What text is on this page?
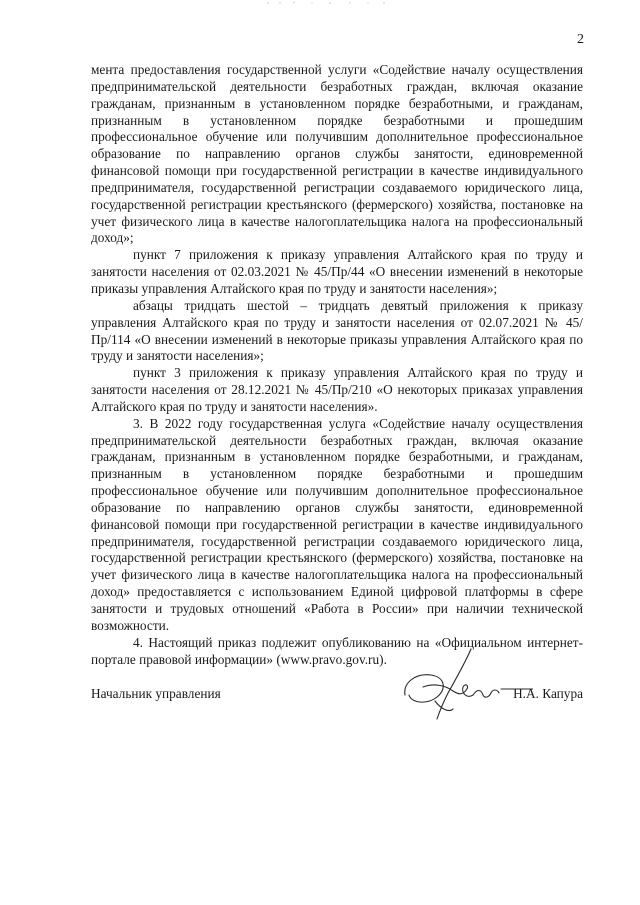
2

мента предоставления государственной услуги «Содействие началу осуществления предпринимательской деятельности безработных граждан, включая оказание гражданам, признанным в установленном порядке безработными, и гражданам, признанным в установленном порядке безработными и прошедшим профессиональное обучение или получившим дополнительное профессиональное образование по направлению органов службы занятости, единовременной финансовой помощи при государственной регистрации в качестве индивидуального предпринимателя, государственной регистрации создаваемого юридического лица, государственной регистрации крестьянского (фермерского) хозяйства, постановке на учет физического лица в качестве налогоплательщика налога на профессиональный доход»;

пункт 7 приложения к приказу управления Алтайского края по труду и занятости населения от 02.03.2021 № 45/Пр/44 «О внесении изменений в некоторые приказы управления Алтайского края по труду и занятости населения»;

абзацы тридцать шестой – тридцать девятый приложения к приказу управления Алтайского края по труду и занятости населения от 02.07.2021 № 45/Пр/114 «О внесении изменений в некоторые приказы управления Алтайского края по труду и занятости населения»;

пункт 3 приложения к приказу управления Алтайского края по труду и занятости населения от 28.12.2021 № 45/Пр/210 «О некоторых приказах управления Алтайского края по труду и занятости населения».

3. В 2022 году государственная услуга «Содействие началу осуществления предпринимательской деятельности безработных граждан, включая оказание гражданам, признанным в установленном порядке безработными, и гражданам, признанным в установленном порядке безработными и прошедшим профессиональное обучение или получившим дополнительное профессиональное образование по направлению органов службы занятости, единовременной финансовой помощи при государственной регистрации в качестве индивидуального предпринимателя, государственной регистрации создаваемого юридического лица, государственной регистрации крестьянского (фермерского) хозяйства, постановке на учет физического лица в качестве налогоплательщика налога на профессиональный доход» предоставляется с использованием Единой цифровой платформы в сфере занятости и трудовых отношений «Работа в России» при наличии технической возможности.

4. Настоящий приказ подлежит опубликованию на «Официальном интернет-портале правовой информации» (www.pravo.gov.ru).

Начальник управления	Н.А. Капура
